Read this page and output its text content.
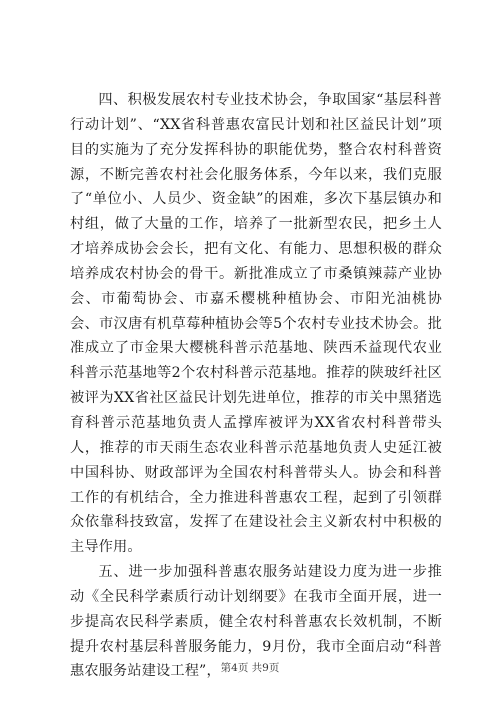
四、积极发展农村专业技术协会，争取国家“基层科普行动计划”、“XX省科普惠农富民计划和社区益民计划”项目的实施为了充分发挥科协的职能优势，整合农村科普资源，不断完善农村社会化服务体系，今年以来，我们克服了“单位小、人员少、资金缺”的困难，多次下基层镇办和村组，做了大量的工作，培养了一批新型农民，把乡土人才培养成协会会长，把有文化、有能力、思想积极的群众培养成农村协会的骨干。新批准成立了市桑镇辣蒜产业协会、市葡萄协会、市嘉禾樱桃种植协会、市阳光油桃协会、市汉唐有机草莓种植协会等5个农村专业技术协会。批准成立了市金果大樱桃科普示范基地、陕西禾益现代农业科普示范基地等2个农村科普示范基地。推荐的陕玻纤社区被评为XX省社区益民计划先进单位，推荐的市关中黑猪选育科普示范基地负责人孟撑库被评为XX省农村科普带头人，推荐的市天雨生态农业科普示范基地负责人史延江被中国科协、财政部评为全国农村科普带头人。协会和科普工作的有机结合，全力推进科普惠农工程，起到了引领群众依靠科技致富，发挥了在建设社会主义新农村中积极的主导作用。

五、进一步加强科普惠农服务站建设力度为进一步推动《全民科学素质行动计划纲要》在我市全面开展，进一步提高农民科学素质，健全农村科普惠农长效机制，不断提升农村基层科普服务能力，9月份，我市全面启动“科普惠农服务站建设工程”， 第4页 共9页
